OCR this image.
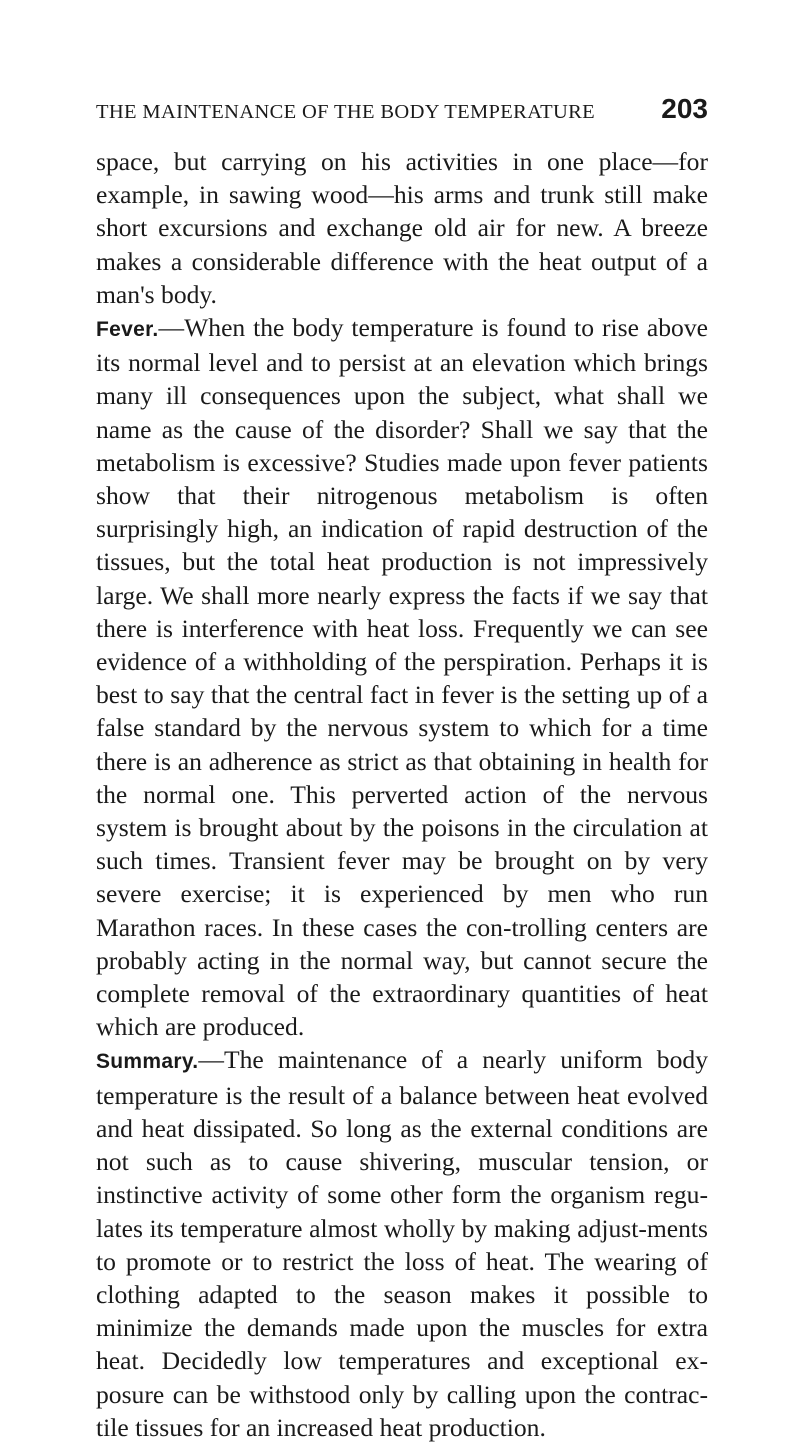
THE MAINTENANCE OF THE BODY TEMPERATURE 203

space, but carrying on his activities in one place—for example, in sawing wood—his arms and trunk still make short excursions and exchange old air for new. A breeze makes a considerable difference with the heat output of a man's body.

Fever.—When the body temperature is found to rise above its normal level and to persist at an elevation which brings many ill consequences upon the subject, what shall we name as the cause of the disorder? Shall we say that the metabolism is excessive? Studies made upon fever patients show that their nitrogenous metabolism is often surprisingly high, an indication of rapid destruction of the tissues, but the total heat production is not impressively large. We shall more nearly express the facts if we say that there is interference with heat loss. Frequently we can see evidence of a withholding of the perspiration. Perhaps it is best to say that the central fact in fever is the setting up of a false standard by the nervous system to which for a time there is an adherence as strict as that obtaining in health for the normal one. This perverted action of the nervous system is brought about by the poisons in the circulation at such times. Transient fever may be brought on by very severe exercise; it is experienced by men who run Marathon races. In these cases the con-trolling centers are probably acting in the normal way, but cannot secure the complete removal of the extraordinary quantities of heat which are produced.

Summary.—The maintenance of a nearly uniform body temperature is the result of a balance between heat evolved and heat dissipated. So long as the external conditions are not such as to cause shivering, muscular tension, or instinctive activity of some other form the organism regu-lates its temperature almost wholly by making adjust-ments to promote or to restrict the loss of heat. The wearing of clothing adapted to the season makes it possible to minimize the demands made upon the muscles for extra heat. Decidedly low temperatures and exceptional ex-posure can be withstood only by calling upon the contrac-tile tissues for an increased heat production.
